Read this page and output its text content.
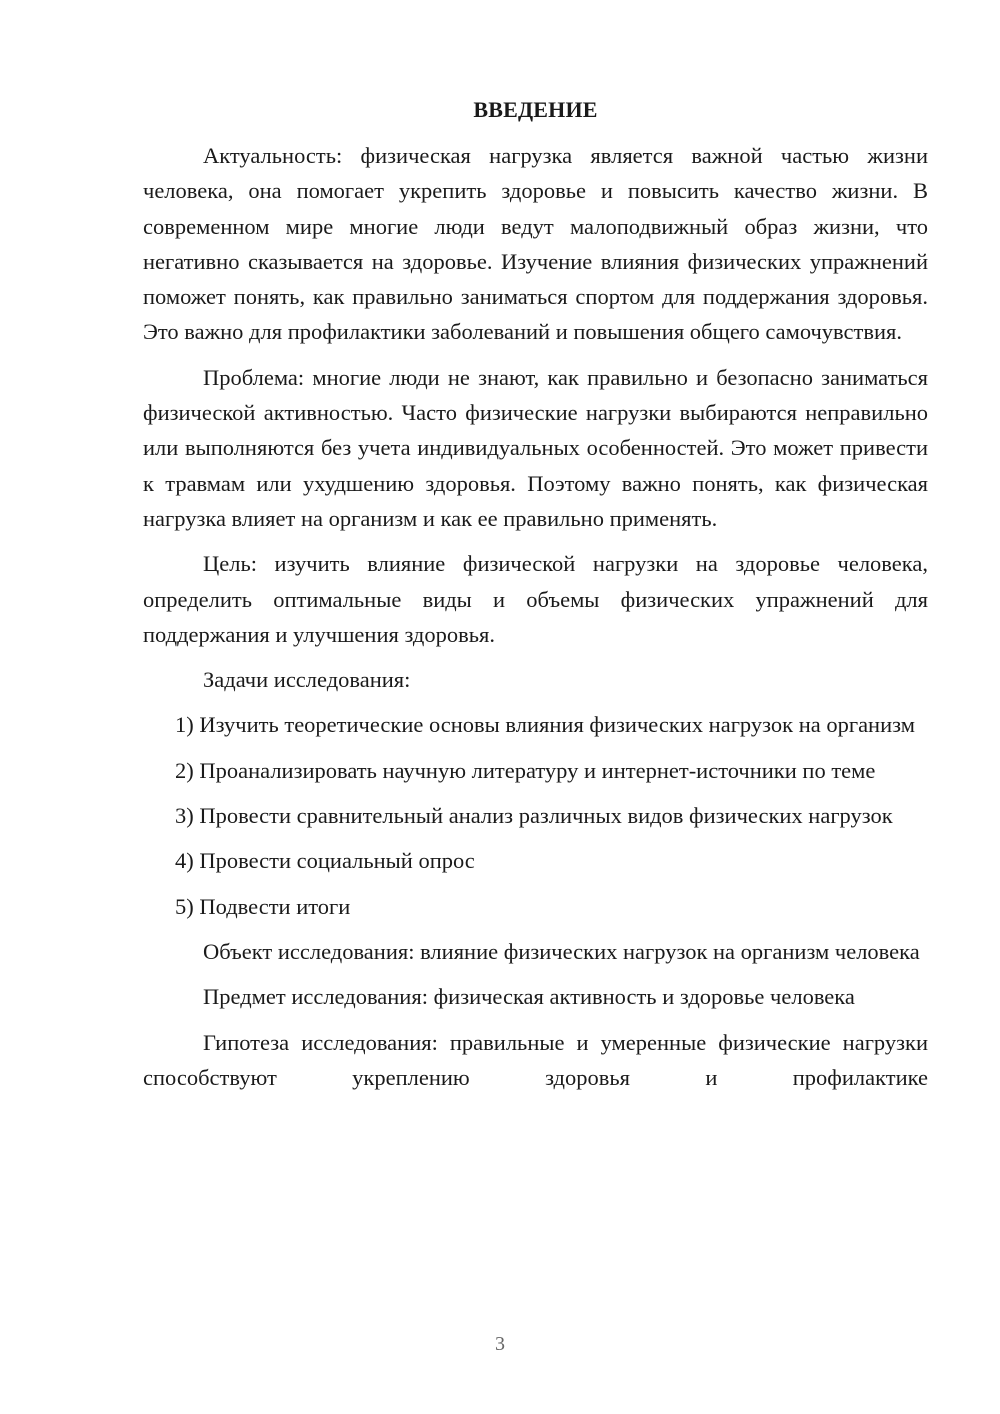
ВВЕДЕНИЕ

Актуальность: физическая нагрузка является важной частью жизни человека, она помогает укрепить здоровье и повысить качество жизни. В современном мире многие люди ведут малоподвижный образ жизни, что негативно сказывается на здоровье. Изучение влияния физических упражнений поможет понять, как правильно заниматься спортом для поддержания здоровья. Это важно для профилактики заболеваний и повышения общего самочувствия.

Проблема: многие люди не знают, как правильно и безопасно заниматься физической активностью. Часто физические нагрузки выбираются неправильно или выполняются без учета индивидуальных особенностей. Это может привести к травмам или ухудшению здоровья. Поэтому важно понять, как физическая нагрузка влияет на организм и как ее правильно применять.

Цель: изучить влияние физической нагрузки на здоровье человека, определить оптимальные виды и объемы физических упражнений для поддержания и улучшения здоровья.

Задачи исследования:

1) Изучить теоретические основы влияния физических нагрузок на организм

2) Проанализировать научную литературу и интернет-источники по теме

3) Провести сравнительный анализ различных видов физических нагрузок

4) Провести социальный опрос

5) Подвести итоги

Объект исследования: влияние физических нагрузок на организм человека

Предмет исследования: физическая активность и здоровье человека

Гипотеза исследования: правильные и умеренные физические нагрузки способствуют укреплению здоровья и профилактике

3
